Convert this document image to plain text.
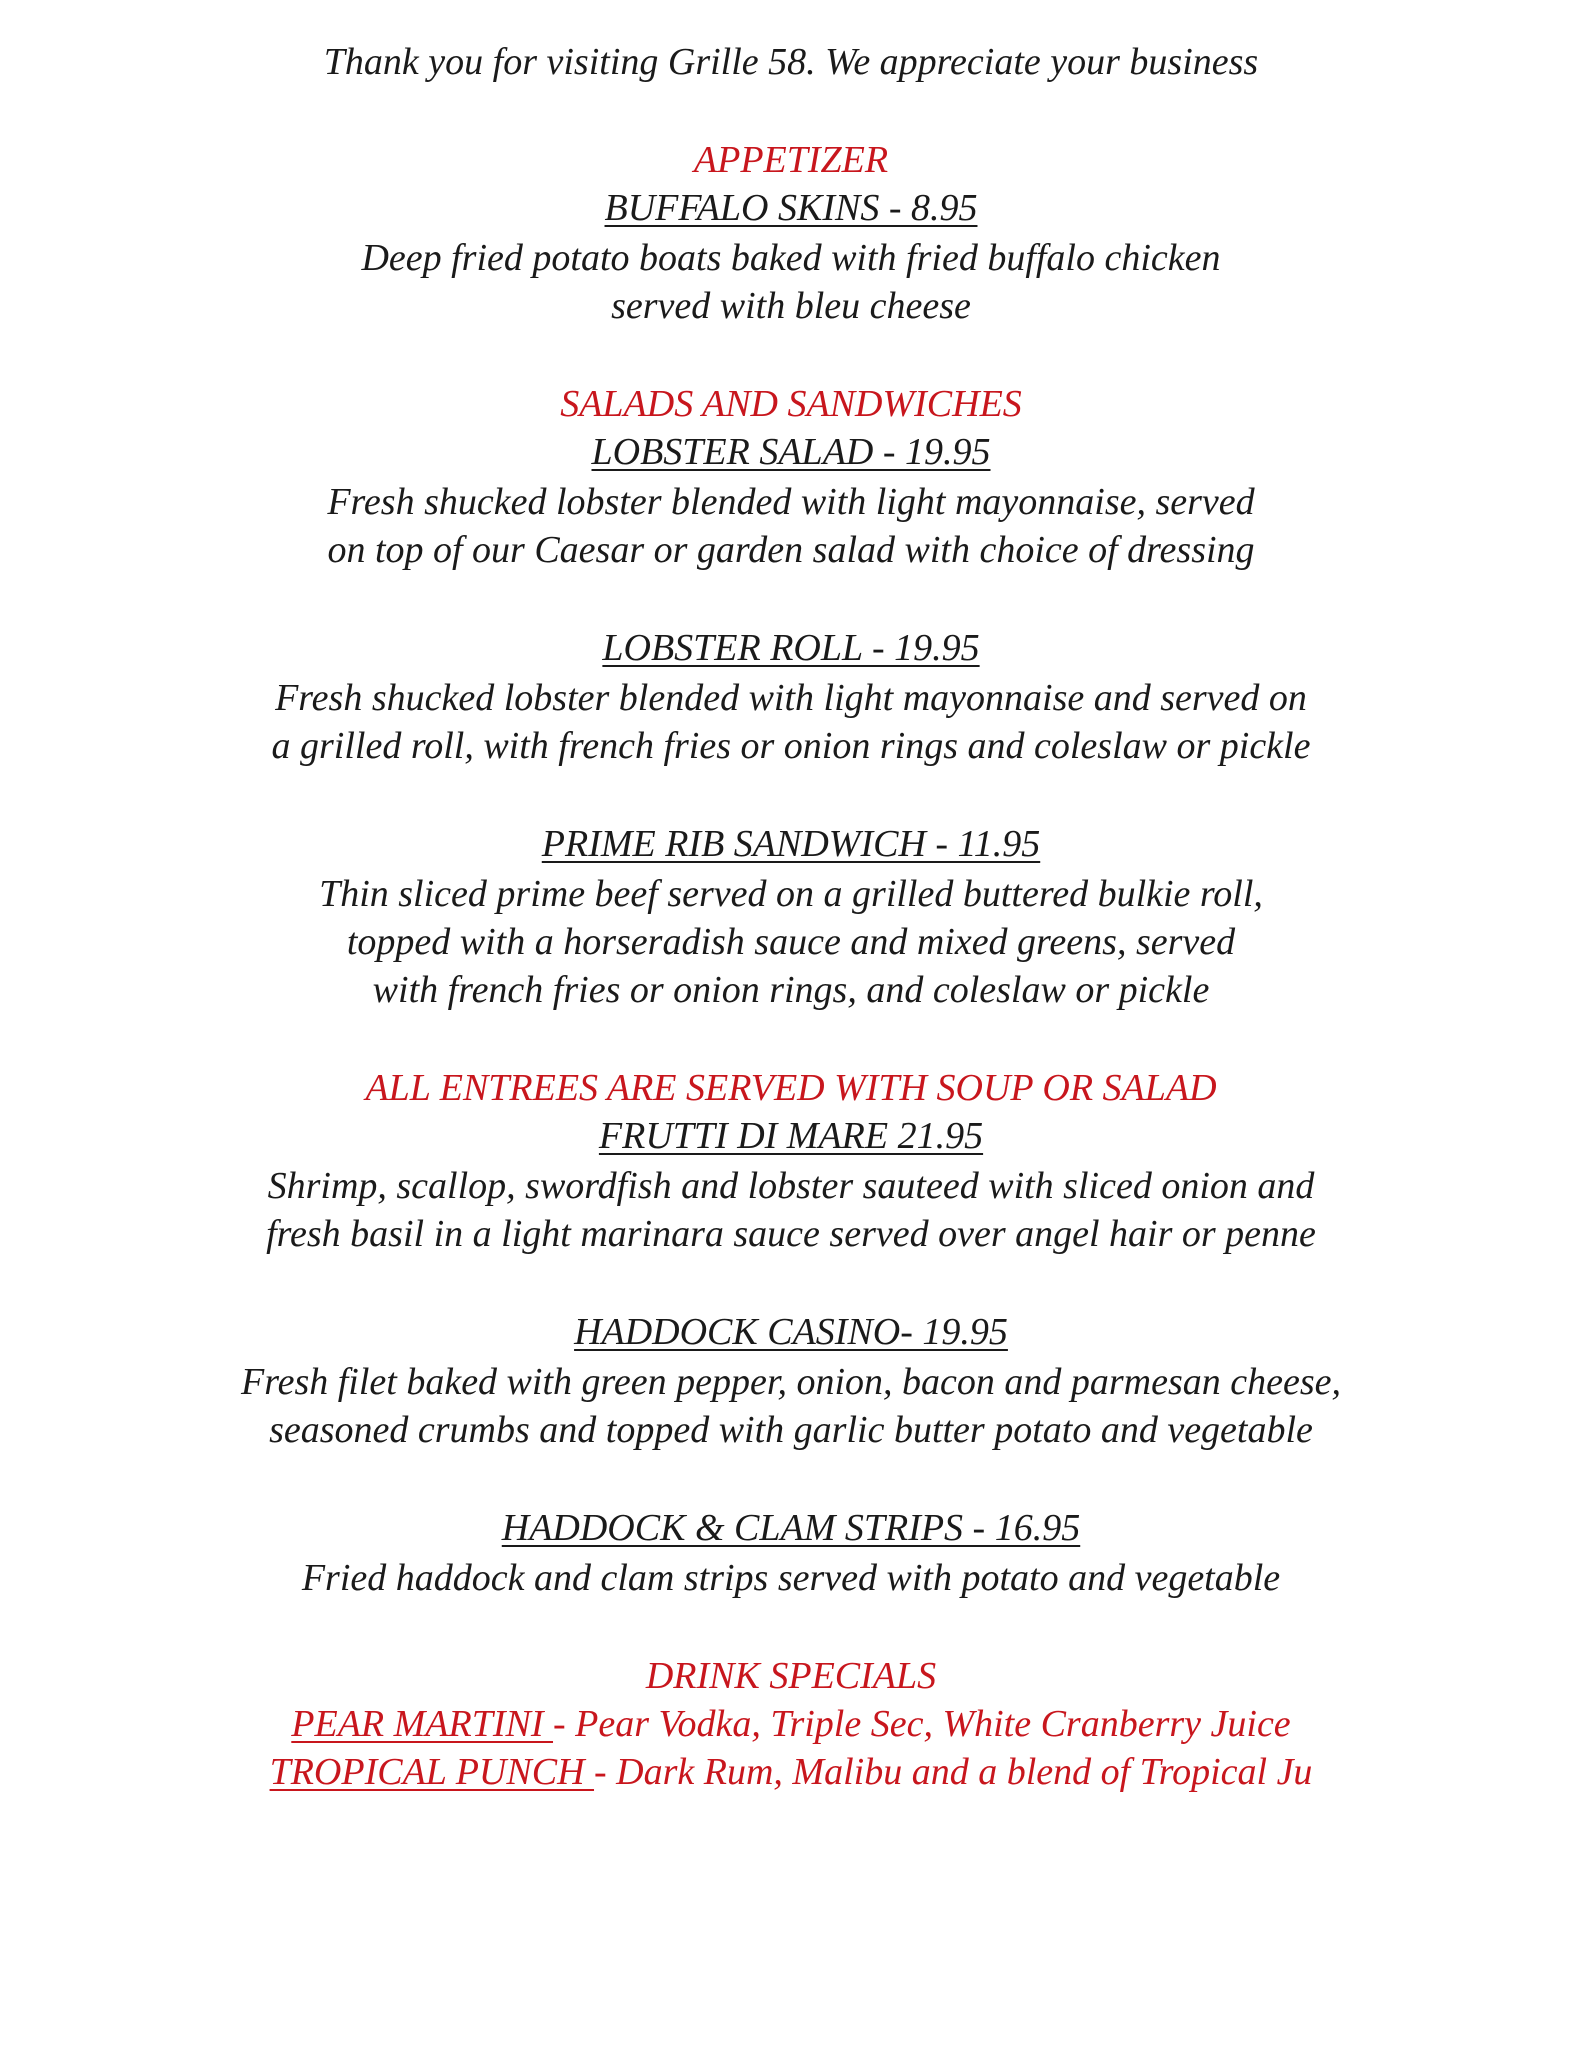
Thank you for visiting Grille 58. We appreciate your business
APPETIZER
BUFFALO SKINS - 8.95
Deep fried potato boats baked with fried buffalo chicken
served with bleu cheese
SALADS AND SANDWICHES
LOBSTER SALAD - 19.95
Fresh shucked lobster blended with light mayonnaise, served
on top of our Caesar or garden salad with choice of dressing
LOBSTER ROLL - 19.95
Fresh shucked lobster blended with light mayonnaise and served on
a grilled roll, with french fries or onion rings and coleslaw or pickle
PRIME RIB SANDWICH - 11.95
Thin sliced prime beef served on a grilled buttered bulkie roll,
topped with a horseradish sauce and mixed greens, served
with french fries or onion rings, and coleslaw or pickle
ALL ENTREES ARE SERVED WITH SOUP OR SALAD
FRUTTI DI MARE 21.95
Shrimp, scallop, swordfish and lobster sauteed with sliced onion and
fresh basil in a light marinara sauce served over angel hair or penne
HADDOCK CASINO- 19.95
Fresh filet baked with green pepper, onion, bacon and parmesan cheese,
seasoned crumbs and topped with garlic butter potato and vegetable
HADDOCK & CLAM STRIPS - 16.95
Fried haddock and clam strips served with potato and vegetable
DRINK SPECIALS
PEAR MARTINI - Pear Vodka, Triple Sec, White Cranberry Juice
TROPICAL PUNCH - Dark Rum, Malibu and a blend of Tropical Ju
